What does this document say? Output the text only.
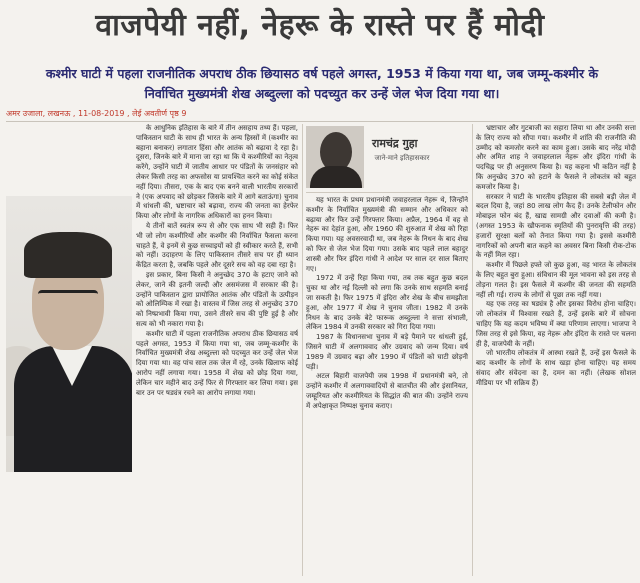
वाजपेयी नहीं, नेहरू के रास्ते पर हैं मोदी
कश्मीर घाटी में पहला राजनीतिक अपराध ठीक छियासठ वर्ष पहले अगस्त, 1953 में किया गया था, जब जम्मू-कश्मीर के निर्वाचित मुख्यमंत्री शेख अब्दुल्ला को पदच्युत कर उन्हें जेल भेज दिया गया था।
अमर उजाला, लखनऊ , 11-08-2019 , लेई अवतीर्ण पृष्ठ 9

के आधुनिक इतिहास के बारे में तीन असहाय तथ्य हैं। पहला, पाकिस्तान घाटी के साथ ही भारत के अन्य हिस्सों में (कश्मीर का बहाना बनाकर) लगातार हिंसा और आतंक को बढ़ावा दे रहा है। दूसरा, जिनके बारे में माना जा रहा था कि ये कश्मीरियों का नेतृत्व करेंगे, उन्होंने घाटी में जातीय आधार पर पंडितों के जनसंहार को लेकर किसी तरह का अफसोस या प्रायश्चित करने का कोई संकेत नहीं दिया। तीसरा, एक के बाद एक बनने वाली भारतीय सरकारों ने (एक अपवाद को छोड़कर जिसके बारे में आगे बताऊंगा) चुनाव में धांधली की, भ्रष्टाचार को बढ़ावा, राज्य की जनता का हेरफेर किया और लोगों के नागरिक अधिकारों का हनन किया।

ये तीनों बातें स्वतंत्र रूप से और एक साथ भी सही हैं। फिर भी जो लोग कश्मीरियों और कश्मीर की निर्वाचित फैसला करना चाहते हैं, वे इनमें से कुछ सच्चाइयों को ही स्वीकार करते हैं, सभी को नहीं। उदाहरण के लिए पाकिस्तान तीसरे सच पर ही ध्यान केंद्रित करता है, जबकि पहले और दूसरे सच को वह दबा रहा है।

इस प्रकार, बिना किसी ने अनुच्छेद 370 के हटाए जाने को लेकर, जाने की इतनी जल्दी और असमंजस में सरकार की है। उन्होंने पाकिस्तान द्वारा प्रायोजित आतंक और पंडितों के उत्पीड़न को ओलिम्पिक में रखा है। वास्तव में जिस तरह से अनुच्छेद 370 को निष्प्रभावी किया गया, उसने तीसरे सच की पुष्टि हुई है और सत्य को भी नकारा गया है।

कश्मीर घाटी में पहला राजनीतिक अपराध ठीक छियासठ वर्ष पहले अगस्त, 1953 में किया गया था, जब जम्मू-कश्मीर के निर्वाचित मुख्यमंत्री शेख अब्दुल्ला को पदच्युत कर उन्हें जेल भेज दिया गया था। वह पांच साल तक जेल में रहे, उनके खिलाफ कोई आरोप नहीं लगाया गया। 1958 में शेख को छोड़ दिया गया, लेकिन चार महीने बाद उन्हें फिर से गिरफ्तार कर लिया गया। इस बार उन पर षड्यंत्र रचने का आरोप लगाया गया।

रामचंद्र गुहा
जाने-माने इतिहासकार

यह भारत के प्रथम प्रधानमंत्री जवाहरलाल नेहरू थे, जिन्होंने कश्मीर के निर्वाचित मुख्यमंत्री की सम्मान और अधिकार को बढ़ाया और फिर उन्हें गिरफ्तार किया। अप्रैल, 1964 में वह से नेहरू का देहांत हुआ, और 1960 की शुरुआत में शेख को रिहा किया गया। यह अवसरवादी था, जब नेहरू के निधन के बाद शेख को फिर से जेल भेज दिया गया। उसके बाद पहले लाल बहादुर शास्त्री और फिर इंदिरा गांधी ने आदेश पर साल दर साल बिताए गए।

1972 में उन्हें रिहा किया गया, तब तक बहुत कुछ बदल चुका था और नई दिल्ली को लगा कि उनके साथ सहमति बनाई जा सकती है। फिर 1975 में इंदिरा और शेख के बीच समझौता हुआ, और 1977 में शेख ने चुनाव जीता। 1982 में उनके निधन के बाद उनके बेटे फारूक अब्दुल्ला ने सत्ता संभाली, लेकिन 1984 में उनकी सरकार को गिरा दिया गया।

1987 के विधानसभा चुनाव में बड़े पैमाने पर धांधली हुई, जिसने घाटी में अलगाववाद और उग्रवाद को जन्म दिया। वर्ष 1989 में उग्रवाद बढ़ा और 1990 में पंडितों को घाटी छोड़नी पड़ी।

अटल बिहारी वाजपेयी जब 1998 में प्रधानमंत्री बने, तो उन्होंने कश्मीर में अलगाववादियों से बातचीत की और इंसानियत, जम्हूरियत और कश्मीरियत के सिद्धांत की बात की। उन्होंने राज्य में अपेक्षाकृत निष्पक्ष चुनाव कराए।

भ्रष्टाचार और गुटबाजी का सहारा लिया था और उनकी सत्ता के लिए राज्य को सौंपा गया। कश्मीर में शांति की राजनीति की उम्मीद को कमजोर करने का काम हुआ। उसके बाद नरेंद्र मोदी और अमित शाह ने जवाहरलाल नेहरू और इंदिरा गांधी के पदचिह्न पर ही अनुसरण किया है। यह कहना भी कठिन नहीं है कि अनुच्छेद 370 को हटाने के फैसले ने लोकतंत्र को बहुत कमजोर किया है।

सरकार ने घाटी के भारतीय इतिहास की सबसे बड़ी जेल में बदल दिया है, जहां 80 लाख लोग कैद हैं। उनके टेलीफोन और मोबाइल फोन बंद हैं, खाद्य सामग्री और दवाओं की कमी है। (अगस्त 1953 के खौफनाक स्मृतियों की पुनरावृत्ति की तरह) हजारों सुरक्षा बलों को तैनात किया गया है। इससे कश्मीरी नागरिकों को अपनी बात कहने का अवसर बिना किसी रोक-टोक के नहीं मिल रहा।

कश्मीर में पिछले हफ्ते जो कुछ हुआ, वह भारत के लोकतंत्र के लिए बहुत बुरा हुआ। संविधान की मूल भावना को इस तरह से तोड़ना गलत है। इस फैसले में कश्मीर की जनता की सहमति नहीं ली गई। राज्य के लोगों से पूछा तक नहीं गया।

यह एक तरह का षड्यंत्र है और इसका विरोध होना चाहिए। जो लोकतंत्र में विश्वास रखते हैं, उन्हें इसके बारे में सोचना चाहिए कि यह कदम भविष्य में क्या परिणाम लाएगा। भाजपा ने जिस तरह से इसे किया, वह नेहरू और इंदिरा के रास्ते पर चलना ही है, वाजपेयी के नहीं।

जो भारतीय लोकतंत्र में आस्था रखते हैं, उन्हें इस फैसले के बाद कश्मीर के लोगों के साथ खड़ा होना चाहिए। यह समय संवाद और संवेदना का है, दमन का नहीं। (लेखक सोशल मीडिया पर भी सक्रिय हैं)
